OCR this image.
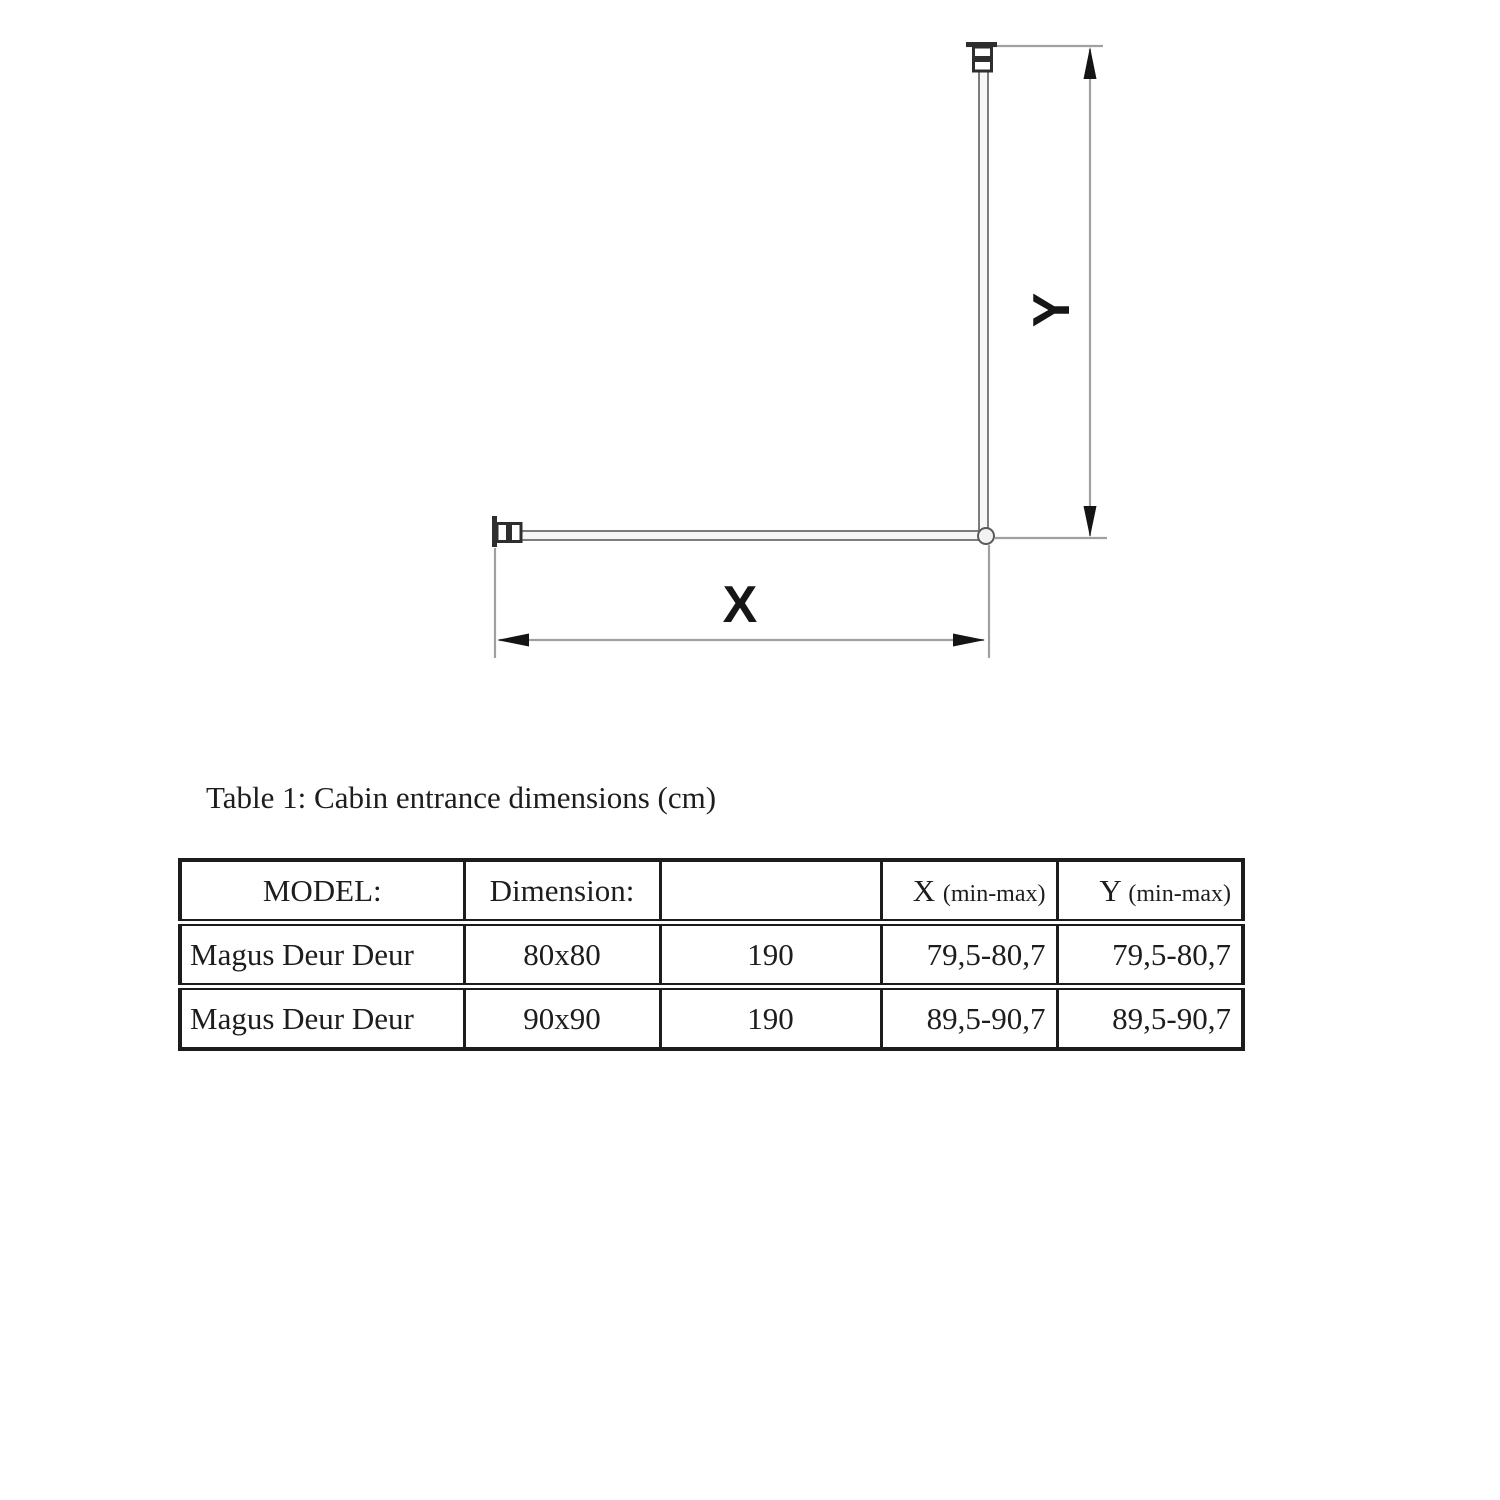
X
Y
Table 1: Cabin entrance dimensions (cm)
MODEL:	Dimension:		X (min-max)	Y (min-max)
Magus Deur Deur	80x80	190	79,5-80,7	79,5-80,7
Magus Deur Deur	90x90	190	89,5-90,7	89,5-90,7
